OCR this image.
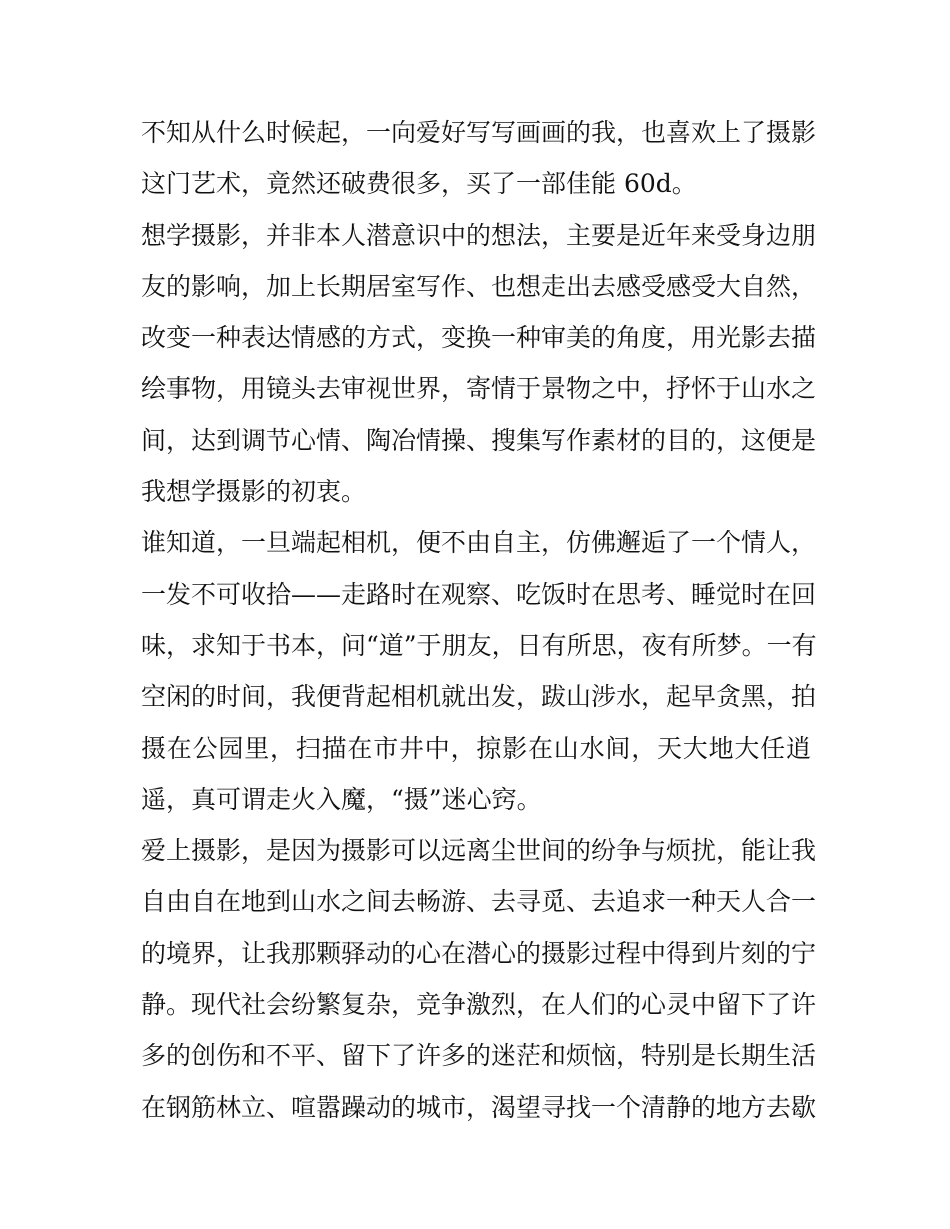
不知从什么时候起，一向爱好写写画画的我，也喜欢上了摄影
这门艺术，竟然还破费很多，买了一部佳能 60d。
想学摄影，并非本人潜意识中的想法，主要是近年来受身边朋
友的影响，加上长期居室写作、也想走出去感受感受大自然，
改变一种表达情感的方式，变换一种审美的角度，用光影去描
绘事物，用镜头去审视世界，寄情于景物之中，抒怀于山水之
间，达到调节心情、陶冶情操、搜集写作素材的目的，这便是
我想学摄影的初衷。
谁知道，一旦端起相机，便不由自主，仿佛邂逅了一个情人，
一发不可收拾——走路时在观察、吃饭时在思考、睡觉时在回
味，求知于书本，问“道”于朋友，日有所思，夜有所梦。一有
空闲的时间，我便背起相机就出发，跋山涉水，起早贪黑，拍
摄在公园里，扫描在市井中，掠影在山水间，天大地大任逍
遥，真可谓走火入魔，“摄”迷心窍。
爱上摄影，是因为摄影可以远离尘世间的纷争与烦扰，能让我
自由自在地到山水之间去畅游、去寻觅、去追求一种天人合一
的境界，让我那颗驿动的心在潜心的摄影过程中得到片刻的宁
静。现代社会纷繁复杂，竞争激烈，在人们的心灵中留下了许
多的创伤和不平、留下了许多的迷茫和烦恼，特别是长期生活
在钢筋林立、喧嚣躁动的城市，渴望寻找一个清静的地方去歇
